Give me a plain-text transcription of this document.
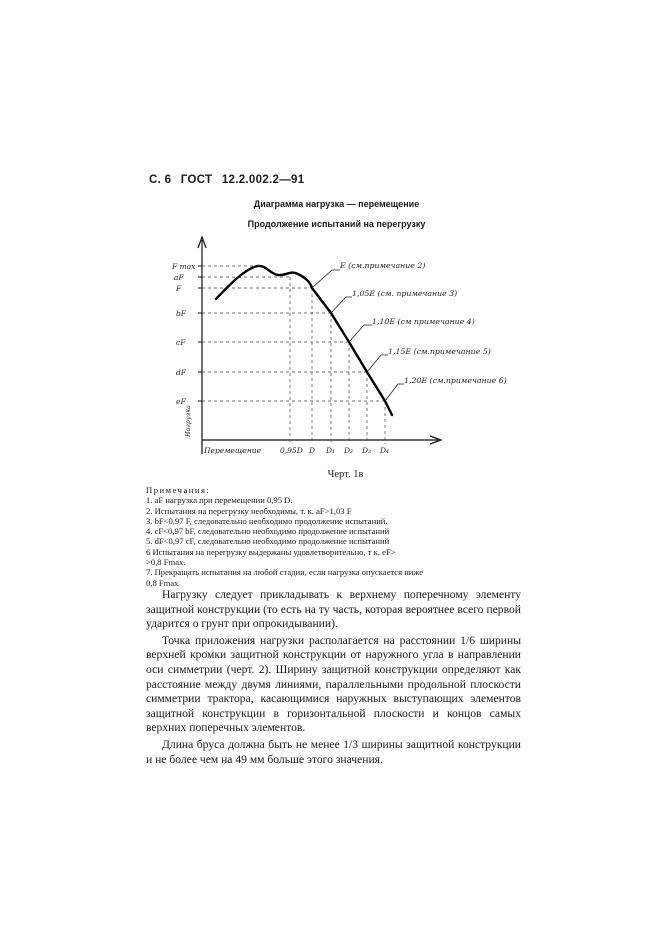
С. 6 ГОСТ 12.2.002.2—91
Диаграмма нагрузка — перемещение
Продолжение испытаний на перегрузку
F max
aF
F
bF
cF
dF
eF
Нагрузка
Е (см.примечание 2)
1,05Е (см. примечание 3)
1,10Е (см примечание 4)
1,15Е (см.примечание 5)
1,20Е (см.примечание 6)
Перемещение	0,95D D D₁ D₂ D₃ D₄
Черт. 1в
Примечания:
1. aF нагрузка при перемещении 0,95 D.
2. Испытания на перегрузку необходимы, т. к. aF>1,03 F
3. bF<0,97 F, следовательно необходимо продолжение испытаний.
4. cF<0,97 bF, следовательно необходимо продолжение испытаний
5. dF<0,97 cF, следовательно необходимо продолжение испытаний
6 Испытания на перегрузку выдержаны удовлетворительно, т к. eF>
>0,8 Fmax.
7. Прекращать испытания на любой стадии, если нагрузка опускается ниже
0,8 Fmax

Нагрузку следует прикладывать к верхнему поперечному элементу защитной конструкции (то есть на ту часть, которая вероятнее всего первой ударится о грунт при опрокидывании).

Точка приложения нагрузки располагается на расстоянии 1/6 ширины верхней кромки защитной конструкции от наружного угла в направлении оси симметрии (черт. 2). Ширину защитной конструкции определяют как расстояние между двумя линиями, параллельными продольной плоскости симметрии трактора, касающимися наружных выступающих элементов защитной конструкции в горизонтальной плоскости и концов самых верхних поперечных элементов.

Длина бруса должна быть не менее 1/3 ширины защитной конструкции и не более чем на 49 мм больше этого значения.
